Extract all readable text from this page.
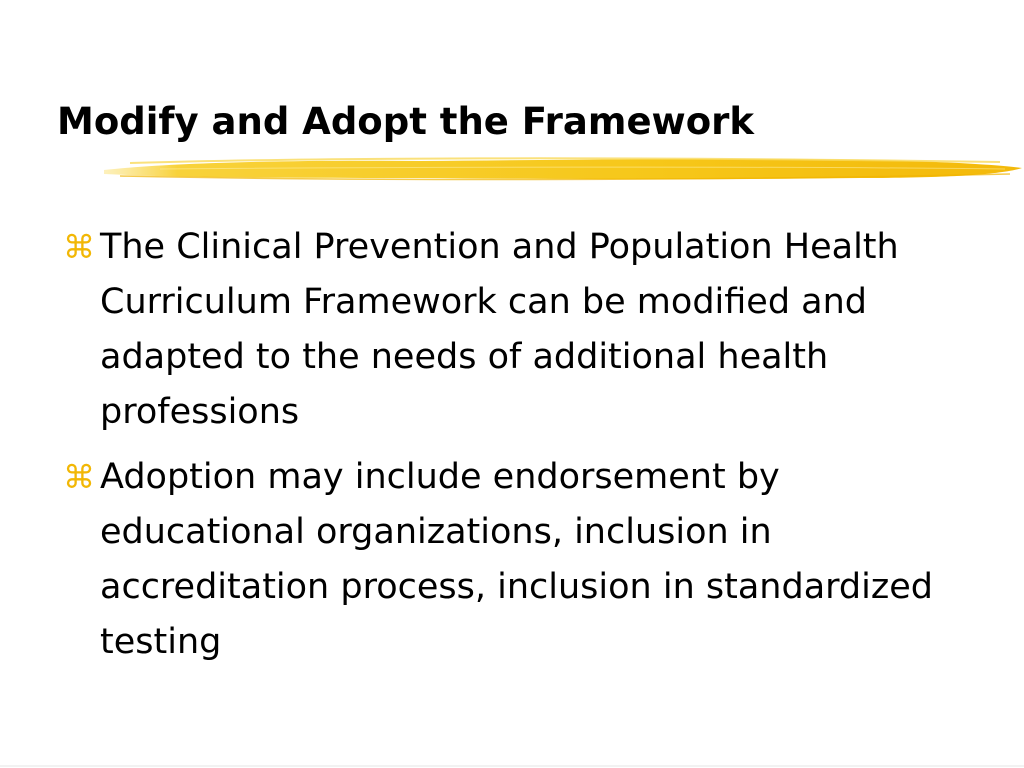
Modify and Adopt the Framework
⌘ The Clinical Prevention and Population Health Curriculum Framework can be modified and adapted to the needs of additional health professions
⌘ Adoption may include endorsement by educational organizations, inclusion in accreditation process, inclusion in standardized testing
